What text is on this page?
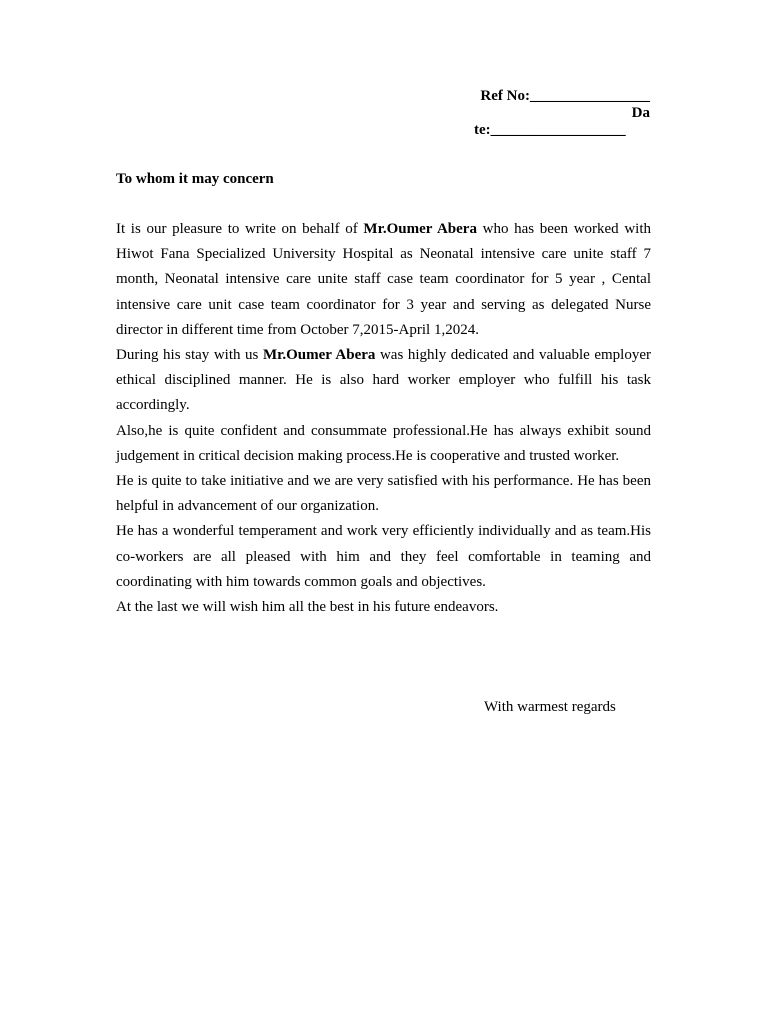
Ref No:________________
Da
te:__________________

To whom it may concern

It is our pleasure to write on behalf of Mr.Oumer Abera who has been worked with Hiwot Fana Specialized University Hospital as Neonatal intensive care unite staff 7 month, Neonatal intensive care unite staff case team coordinator for 5 year , Cental intensive care unit case team coordinator for 3 year and serving as delegated Nurse director in different time from October 7,2015-April 1,2024.

During his stay with us Mr.Oumer Abera was highly dedicated and valuable employer ethical disciplined manner. He is also hard worker employer who fulfill his task accordingly.

Also,he is quite confident and consummate professional.He has always exhibit sound judgement in critical decision making process.He is cooperative and trusted worker.

He is quite to take initiative and we are very satisfied with his performance. He has been helpful in advancement of our organization.

He has a wonderful temperament and work very efficiently individually and as team.His co-workers are all pleased with him and they feel comfortable in teaming and coordinating with him towards common goals and objectives.

At the last we will wish him all the best in his future endeavors.

With warmest regards
